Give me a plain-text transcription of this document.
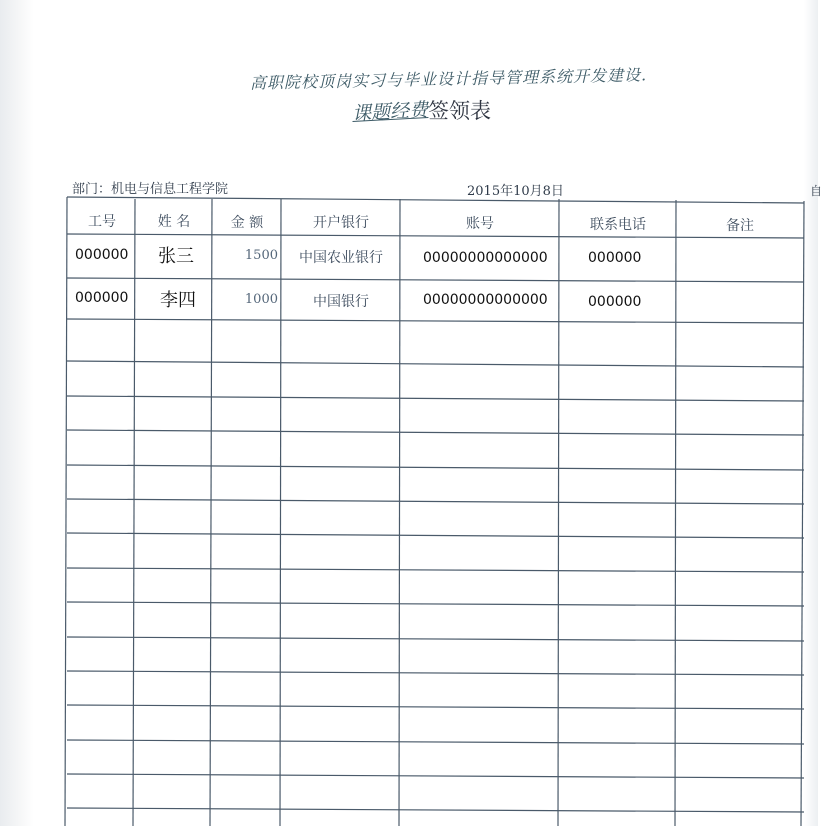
高职院校顶岗实习与毕业设计指导管理系统开发建设.
课题经费签领表
部门：机电与信息工程学院	2015年10月8日	自
工号	姓 名	金 额	开户银行	账号	联系电话	备注
000000 张三	1500	中国农业银行	00000000000000	000000
000000 李四	1000	中国银行	00000000000000	000000
